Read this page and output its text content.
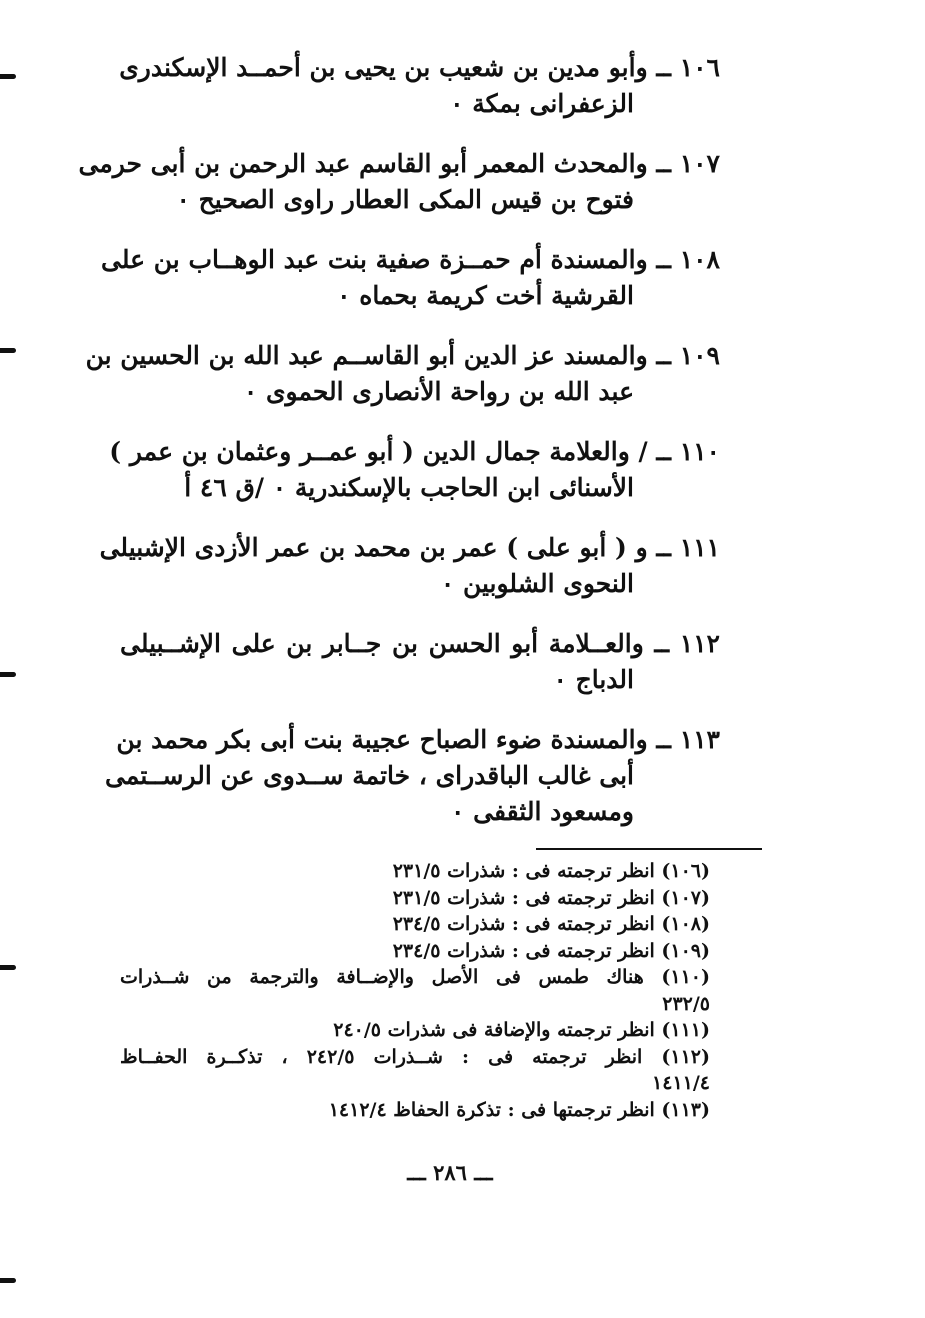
١٠٦ ــ وأبو مدين بن شعيب بن يحيى بن أحمــد الإسكندرى
الزعفرانى بمكة ٠
١٠٧ ــ والمحدث المعمر أبو القاسم عبد الرحمن بن أبى حرمى
فتوح بن قيس المكى العطار راوى الصحيح ٠
١٠٨ ــ والمسندة أم حمــزة صفية بنت عبد الوهــاب بن على
القرشية أخت كريمة بحماه ٠
١٠٩ ــ والمسند عز الدين أبو القاســم عبد الله بن الحسين بن
عبد الله بن رواحة الأنصارى الحموى ٠
١١٠ ــ / والعلامة جمال الدين ( أبو عمــر وعثمان بن عمر )
الأسنائى ابن الحاجب بالإسكندرية ٠ /ق ٤٦ أ
١١١ ــ و ( أبو على ) عمر بن محمد بن عمر الأزدى الإشبيلى
النحوى الشلوبين ٠
١١٢ ــ والعــلامة أبو الحسن بن جــابر بن على الإشــبيلى
الدباج ٠
١١٣ ــ والمسندة ضوء الصباح عجيبة بنت أبى بكر محمد بن
أبى غالب الباقدراى ، خاتمة ســدوى عن الرســتمى
ومسعود الثقفى ٠
(١٠٦) انظر ترجمته فى : شذرات ٢٣١/٥
(١٠٧) انظر ترجمته فى : شذرات ٢٣١/٥
(١٠٨) انظر ترجمته فى : شذرات ٢٣٤/٥
(١٠٩) انظر ترجمته فى : شذرات ٢٣٤/٥
(١١٠) هناك طمس فى الأصل والإضــافة والترجمة من شــذرات
٢٣٢/٥
(١١١) انظر ترجمته والإضافة فى شذرات ٢٤٠/٥
(١١٢) انظر ترجمته فى : شــذرات ٢٤٢/٥ ، تذكــرة الحفــاظ
١٤١١/٤
(١١٣) انظر ترجمتها فى : تذكرة الحفاظ ١٤١٢/٤
ـــ ٢٨٦ ـــ
